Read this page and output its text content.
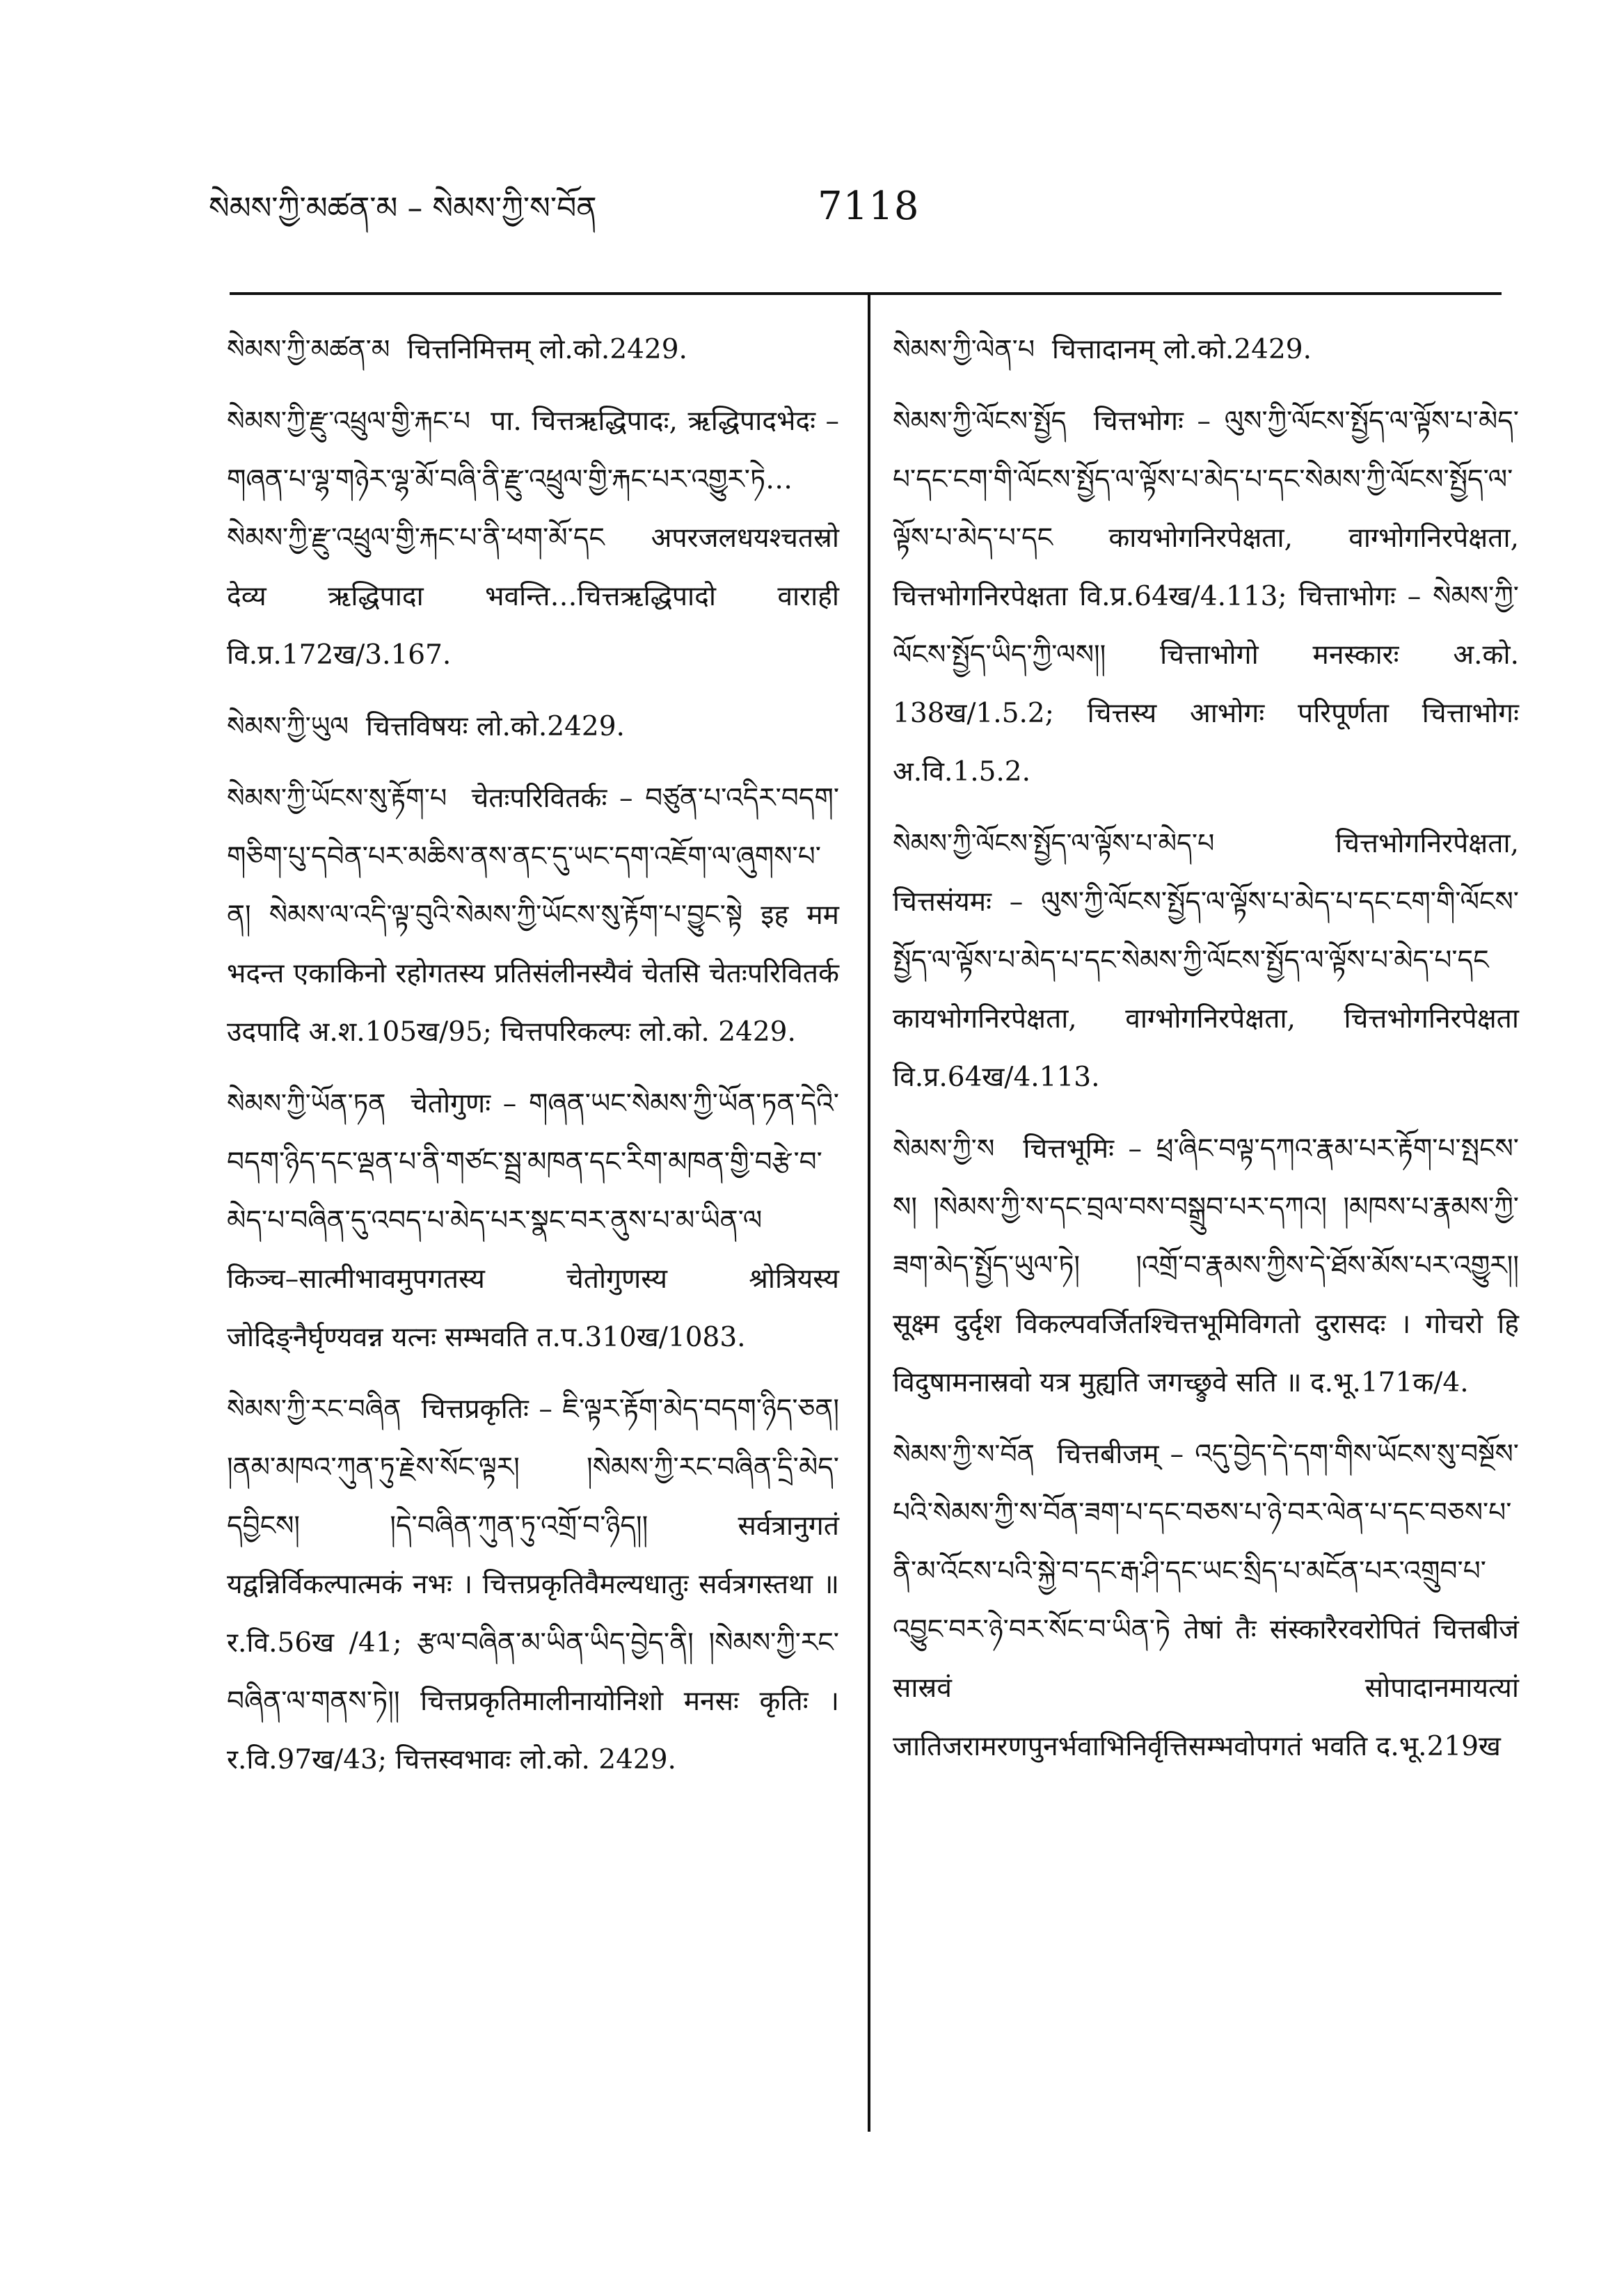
སེམས་ཀྱི་མཚན་མ – སེམས་ཀྱི་ས་བོན	7118

སེམས་ཀྱི་མཚན་མ चित्तनिमित्तम् लो.को.2429.

སེམས་ཀྱི་རྫུ་འཕྲུལ་གྱི་རྐང་པ पा. चित्तऋद्धिपादः, ऋद्धिपादभेदः – གཞན་པ་ལྷ་གཉེར་ལྷ་མོ་བཞི་ནི་རྫུ་འཕྲུལ་གྱི་རྐང་པར་འགྱུར་ཏེ…སེམས་ཀྱི་རྫུ་འཕྲུལ་གྱི་རྐང་པ་ནི་ཕག་མོ་དང अपरजलधयश्चतस्रो देव्य ऋद्धिपादा भवन्ति…चित्तऋद्धिपादो वाराही वि.प्र.172ख/3.167.

སེམས་ཀྱི་ཡུལ चित्तविषयः लो.को.2429.

སེམས་ཀྱི་ཡོངས་སུ་རྟོག་པ चेतःपरिवितर्कः – བཙུན་པ་འདིར་བདག་གཅིག་པུ་དབེན་པར་མཆིས་ནས་ནང་དུ་ཡང་དག་འཇོག་ལ་ཞུགས་པ་ན། སེམས་ལ་འདི་ལྟ་བུའི་སེམས་ཀྱི་ཡོངས་སུ་རྟོག་པ་བྱུང་སྟེ इह मम भदन्त एकाकिनो रहोगतस्य प्रतिसंलीनस्यैवं चेतसि चेतःपरिवितर्क उदपादि अ.श.105ख/95; चित्तपरिकल्पः लो.को. 2429.

སེམས་ཀྱི་ཡོན་ཏན चेतोगुणः – གཞན་ཡང་སེམས་ཀྱི་ཡོན་ཏན་དེའི་བདག་ཉིད་དང་ལྡན་པ་ནི་གཙང་སྦྲ་མཁན་དང་རིག་མཁན་གྱི་བརྩེ་བ་མེད་པ་བཞིན་དུ་འབད་པ་མེད་པར་སྣང་བར་ནུས་པ་མ་ཡིན་ལ किञ्च–सात्मीभावमुपगतस्य चेतोगुणस्य श्रोत्रियस्य जोदिङ्नैर्घृण्यवन्न यत्नः सम्भवति त.प.310ख/1083.

སེམས་ཀྱི་རང་བཞིན चित्तप्रकृतिः – ཇི་ལྟར་རྟོག་མེད་བདག་ཉིད་ཅན། །ནམ་མཁའ་ཀུན་ཏུ་རྗེས་སོང་ལྟར། །སེམས་ཀྱི་རང་བཞིན་དྲི་མེད་དབྱིངས། །དེ་བཞིན་ཀུན་ཏུ་འགྲོ་བ་ཉིད།། सर्वत्रानुगतं यद्वन्निर्विकल्पात्मकं नभः । चित्तप्रकृतिवैमल्यधातुः सर्वत्रगस्तथा ॥ र.वि.56ख /41; རྩལ་བཞིན་མ་ཡིན་ཡིད་བྱེད་ནི། །སེམས་ཀྱི་རང་བཞིན་ལ་གནས་ཏེ།། चित्तप्रकृतिमालीनायोनिशो मनसः कृतिः । र.वि.97ख/43; चित्तस्वभावः लो.को. 2429.

སེམས་ཀྱི་ལེན་པ चित्तादानम् लो.को.2429.

སེམས་ཀྱི་ལོངས་སྤྱོད चित्तभोगः – ལུས་ཀྱི་ལོངས་སྤྱོད་ལ་ལྟོས་པ་མེད་པ་དང་ངག་གི་ལོངས་སྤྱོད་ལ་ལྟོས་པ་མེད་པ་དང་སེམས་ཀྱི་ལོངས་སྤྱོད་ལ་ལྟོས་པ་མེད་པ་དང कायभोगनिरपेक्षता, वाग्भोगनिरपेक्षता, चित्तभोगनिरपेक्षता वि.प्र.64ख/4.113; चित्ताभोगः – སེམས་ཀྱི་ལོངས་སྤྱོད་ཡིད་ཀྱི་ལས།། चित्ताभोगो मनस्कारः अ.को. 138ख/1.5.2; चित्तस्य आभोगः परिपूर्णता चित्ताभोगः अ.वि.1.5.2.

སེམས་ཀྱི་ལོངས་སྤྱོད་ལ་ལྟོས་པ་མེད་པ	चित्तभोगनिरपेक्षता, चित्तसंयमः – ལུས་ཀྱི་ལོངས་སྤྱོད་ལ་ལྟོས་པ་མེད་པ་དང་ངག་གི་ལོངས་སྤྱོད་ལ་ལྟོས་པ་མེད་པ་དང་སེམས་ཀྱི་ལོངས་སྤྱོད་ལ་ལྟོས་པ་མེད་པ་དང कायभोगनिरपेक्षता, वाग्भोगनिरपेक्षता, चित्तभोगनिरपेक्षता वि.प्र.64ख/4.113.

སེམས་ཀྱི་ས चित्तभूमिः – ཕྲ་ཞིང་བལྟ་དཀའ་རྣམ་པར་རྟོག་པ་སྤངས་ས། །སེམས་ཀྱི་ས་དང་བྲལ་བས་བསྒྲུབ་པར་དཀའ། །མཁས་པ་རྣམས་ཀྱི་ཟག་མེད་སྤྱོད་ཡུལ་ཏེ། །འགྲོ་བ་རྣམས་ཀྱིས་དེ་ཐོས་མོས་པར་འགྱུར།། सूक्ष्म दुर्दृश विकल्पवर्जितश्चित्तभूमिविगतो दुरासदः । गोचरो हि विदुषामनास्रवो यत्र मुह्यति जगच्छ्रुवे सति ॥ द.भू.171क/4.

སེམས་ཀྱི་ས་བོན चित्तबीजम् – འདུ་བྱེད་དེ་དག་གིས་ཡོངས་སུ་བསྔོས་པའི་སེམས་ཀྱི་ས་བོན་ཟག་པ་དང་བཅས་པ་ཉེ་བར་ལེན་པ་དང་བཅས་པ་ནི་མ་འོངས་པའི་སྐྱེ་བ་དང་རྒ་ཤི་དང་ཡང་སྲིད་པ་མངོན་པར་འགྲུབ་པ་འབྱུང་བར་ཉེ་བར་སོང་བ་ཡིན་ཏེ तेषां तैः संस्कारैरवरोपितं चित्तबीजं सास्रवं सोपादानमायत्यां जातिजरामरणपुनर्भवाभिनिर्वृत्तिसम्भवोपगतं भवति द.भू.219ख
